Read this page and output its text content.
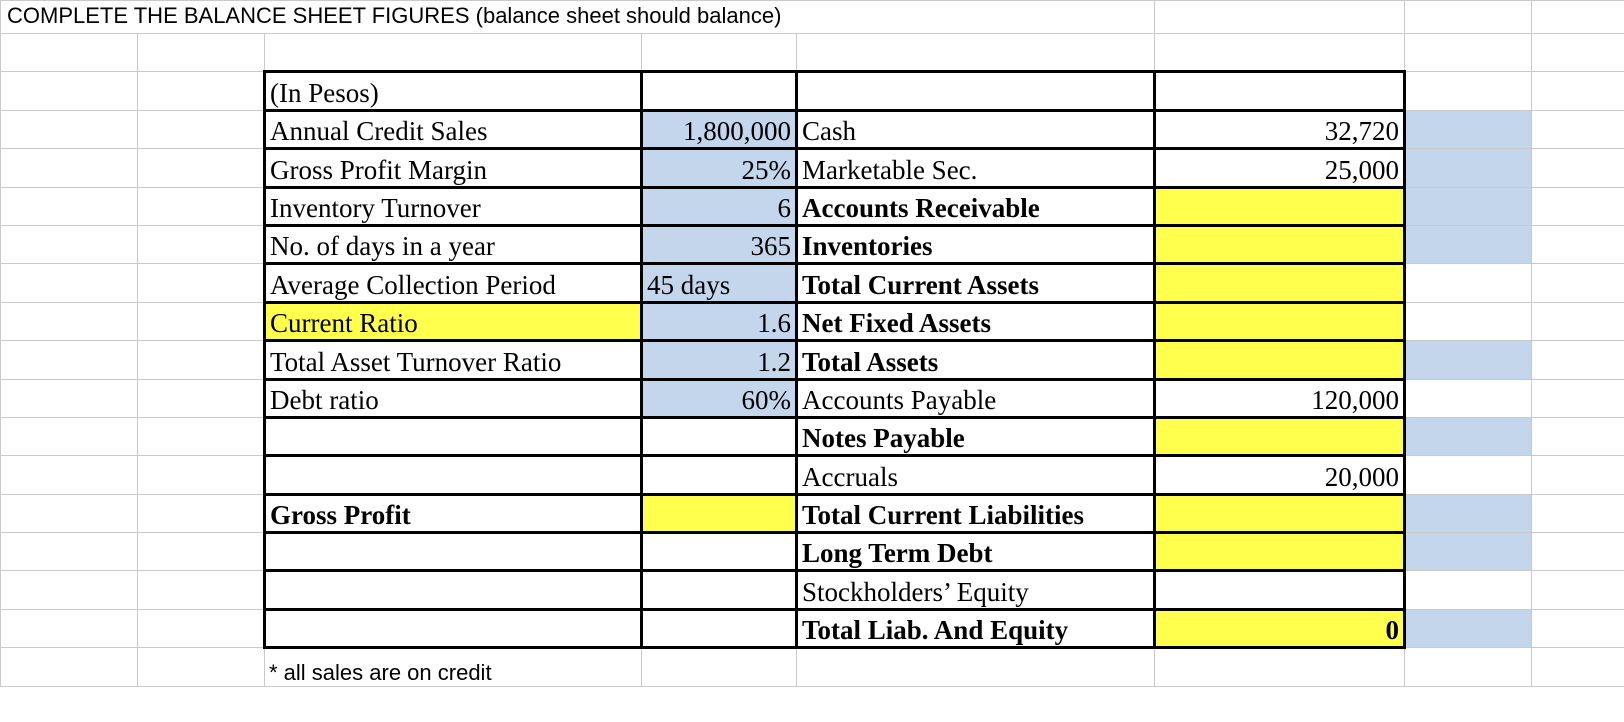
COMPLETE THE BALANCE SHEET FIGURES (balance sheet should balance)							

		(In Pesos)					
		Annual Credit Sales	1,800,000	Cash	32,720		
		Gross Profit Margin	25%	Marketable Sec.	25,000		
		Inventory Turnover	6	Accounts Receivable			
		No. of days in a year	365	Inventories			
		Average Collection Period	45 days	Total Current Assets			
		Current Ratio	1.6	Net Fixed Assets			
		Total Asset Turnover Ratio	1.2	Total Assets			
		Debt ratio	60%	Accounts Payable	120,000		
				Notes Payable			
				Accruals	20,000		
		Gross Profit		Total Current Liabilities			
				Long Term Debt			
				Stockholders’ Equity			
				Total Liab. And Equity	0		
		* all sales are on credit					
